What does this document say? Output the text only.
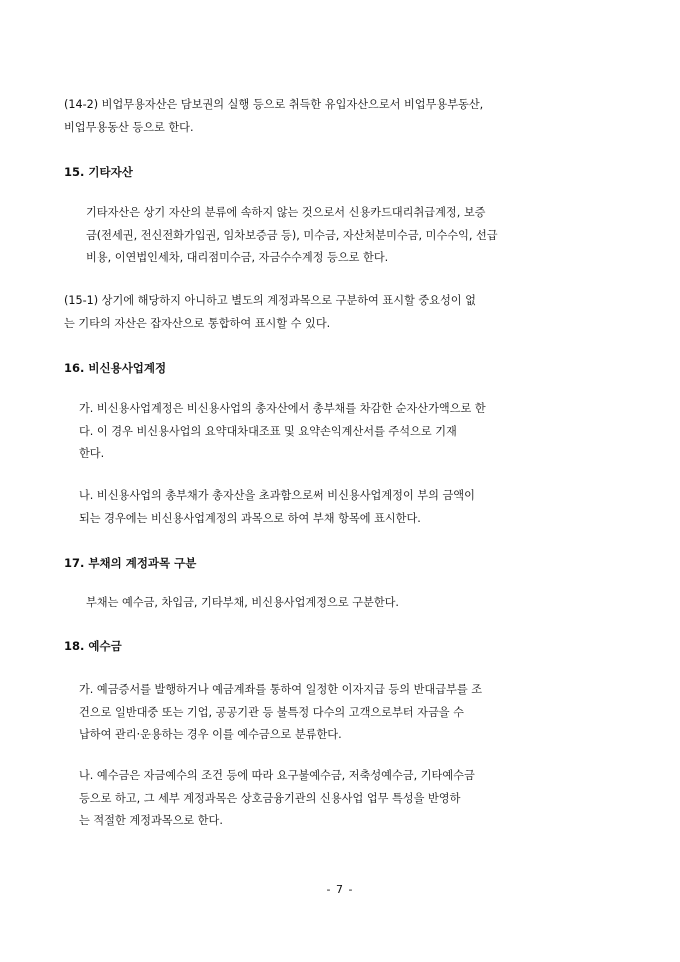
(14-2) 비업무용자산은 담보권의 실행 등으로 취득한 유입자산으로서 비업무용부동산,
비업무용동산 등으로 한다.

15. 기타자산

기타자산은 상기 자산의 분류에 속하지 않는 것으로서 신용카드대리취급계정, 보증
금(전세권, 전신전화가입권, 임차보증금 등), 미수금, 자산처분미수금, 미수수익, 선급
비용, 이연법인세차, 대리점미수금, 자금수수계정 등으로 한다.

(15-1) 상기에 해당하지 아니하고 별도의 계정과목으로 구분하여 표시할 중요성이 없
는 기타의 자산은 잡자산으로 통합하여 표시할 수 있다.

16. 비신용사업계정

가. 비신용사업계정은 비신용사업의 총자산에서 총부채를 차감한 순자산가액으로 한
다. 이 경우 비신용사업의 요약대차대조표 및 요약손익계산서를 주석으로 기재
한다.

나. 비신용사업의 총부채가 총자산을 초과함으로써 비신용사업계정이 부의 금액이
되는 경우에는 비신용사업계정의 과목으로 하여 부채 항목에 표시한다.

17. 부채의 계정과목 구분

부채는 예수금, 차입금, 기타부채, 비신용사업계정으로 구분한다.

18. 예수금

가. 예금증서를 발행하거나 예금계좌를 통하여 일정한 이자지급 등의 반대급부를 조
건으로 일반대중 또는 기업, 공공기관 등 불특정 다수의 고객으로부터 자금을 수
납하여 관리·운용하는 경우 이를 예수금으로 분류한다.

나. 예수금은 자금예수의 조건 등에 따라 요구불예수금, 저축성예수금, 기타예수금
등으로 하고, 그 세부 계정과목은 상호금융기관의 신용사업 업무 특성을 반영하
는 적절한 계정과목으로 한다.

- 7 -
